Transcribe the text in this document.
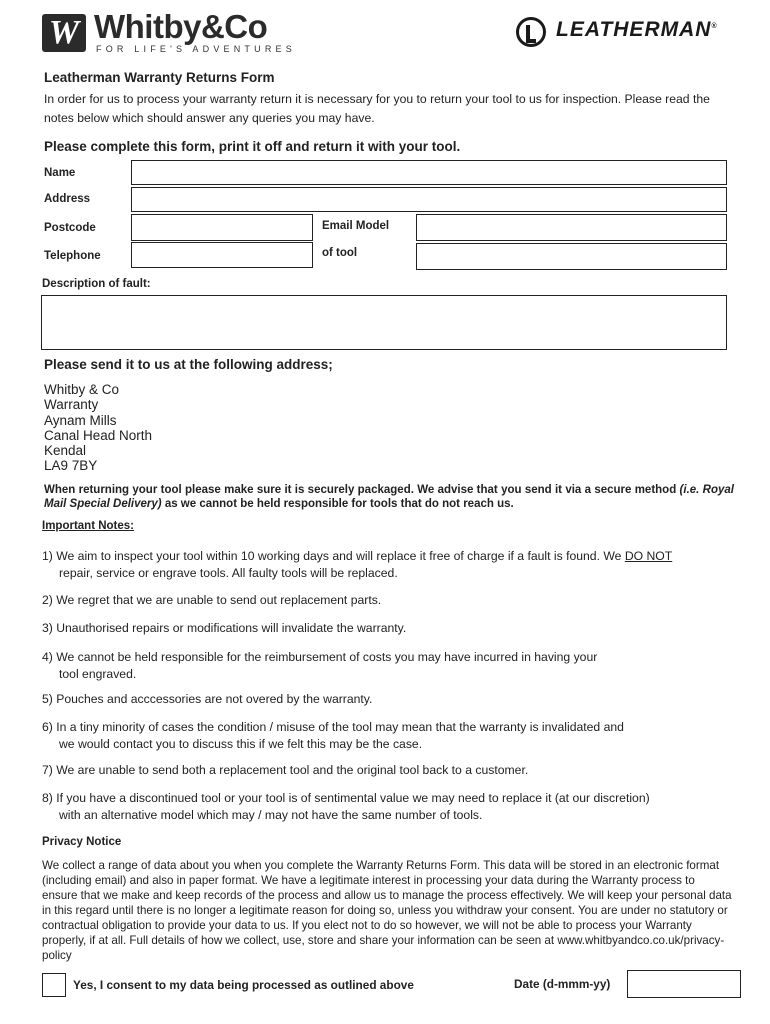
W Whitby&Co
FOR LIFE'S ADVENTURES
LEATHERMAN®
Leatherman Warranty Returns Form
In order for us to process your warranty return it is necessary for you to return your tool to us for inspection. Please read the notes below which should answer any queries you may have.
Please complete this form, print it off and return it with your tool.
Name
Address
Postcode	Email Model
Telephone	of tool
Description of fault:
Please send it to us at the following address;
Whitby & Co
Warranty
Aynam Mills
Canal Head North
Kendal
LA9 7BY
When returning your tool please make sure it is securely packaged. We advise that you send it via a secure method (i.e. Royal Mail Special Delivery) as we cannot be held responsible for tools that do not reach us.
Important Notes:
1) We aim to inspect your tool within 10 working days and will replace it free of charge if a fault is found. We DO NOT
repair, service or engrave tools. All faulty tools will be replaced.
2) We regret that we are unable to send out replacement parts.
3) Unauthorised repairs or modifications will invalidate the warranty.
4) We cannot be held responsible for the reimbursement of costs you may have incurred in having your
tool engraved.
5) Pouches and acccessories are not overed by the warranty.
6) In a tiny minority of cases the condition / misuse of the tool may mean that the warranty is invalidated and
we would contact you to discuss this if we felt this may be the case.
7) We are unable to send both a replacement tool and the original tool back to a customer.
8) If you have a discontinued tool or your tool is of sentimental value we may need to replace it (at our discretion)
with an alternative model which may / may not have the same number of tools.
Privacy Notice
We collect a range of data about you when you complete the Warranty Returns Form. This data will be stored in an electronic format (including email) and also in paper format. We have a legitimate interest in processing your data during the Warranty process to ensure that we make and keep records of the process and allow us to manage the process effectively. We will keep your personal data in this regard until there is no longer a legitimate reason for doing so, unless you withdraw your consent. You are under no statutory or contractual obligation to provide your data to us. If you elect not to do so however, we will not be able to process your Warranty properly, if at all. Full details of how we collect, use, store and share your information can be seen at www.whitbyandco.co.uk/privacy-policy
Yes, I consent to my data being processed as outlined above	Date (d-mmm-yy)
